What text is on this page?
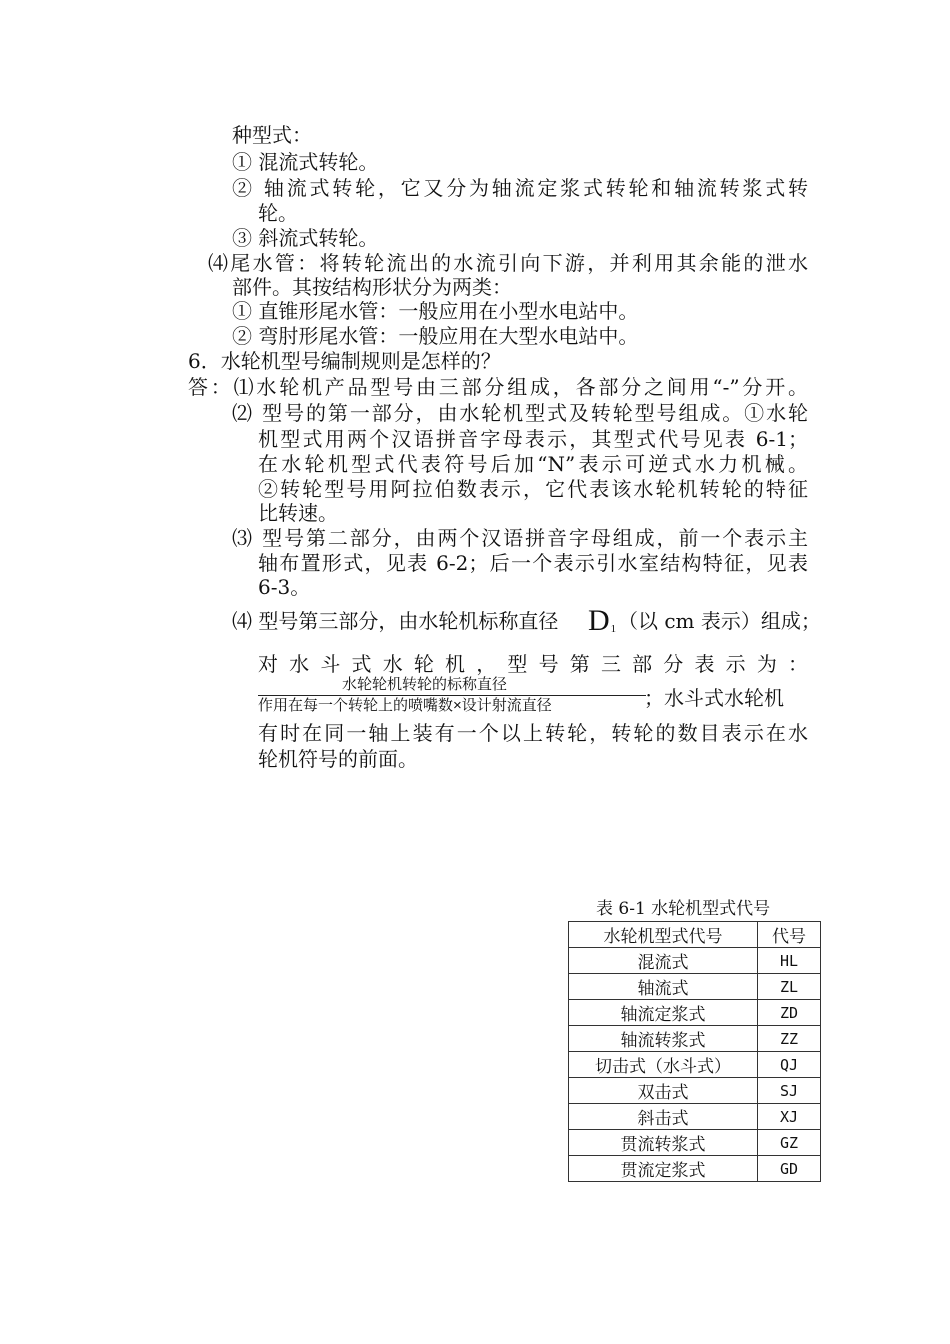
种型式：
① 混流式转轮。
② 轴流式转轮，它又分为轴流定浆式转轮和轴流转浆式转
轮。
③ 斜流式转轮。
⑷尾水管：将转轮流出的水流引向下游，并利用其余能的泄水
部件。其按结构形状分为两类：
① 直锥形尾水管：一般应用在小型水电站中。
② 弯肘形尾水管：一般应用在大型水电站中。
6．水轮机型号编制规则是怎样的？
答：⑴水轮机产品型号由三部分组成，各部分之间用“-”分开。
⑵ 型号的第一部分，由水轮机型式及转轮型号组成。①水轮
机型式用两个汉语拼音字母表示，其型式代号见表 6-1；
在水轮机型式代表符号后加“N”表示可逆式水力机械。
②转轮型号用阿拉伯数表示，它代表该水轮机转轮的特征
比转速。
⑶ 型号第二部分，由两个汉语拼音字母组成，前一个表示主
轴布置形式，见表 6-2；后一个表示引水室结构特征，见表
6-3。
⑷ 型号第三部分，由水轮机标称直径 $D_1$ （以 cm 表示）组成；
对水斗式水轮机，型号第三部分表示为：
水轮轮机转轮的标称直径
作用在每一个转轮上的喷嘴数×设计射流直径	；水斗式水轮机
有时在同一轴上装有一个以上转轮，转轮的数目表示在水
轮机符号的前面。
表 6-1 水轮机型式代号
水轮机型式代号	代号
混流式	HL
轴流式	ZL
轴流定浆式	ZD
轴流转浆式	ZZ
切击式（水斗式）	QJ
双击式	SJ
斜击式	XJ
贯流转浆式	GZ
贯流定浆式	GD
